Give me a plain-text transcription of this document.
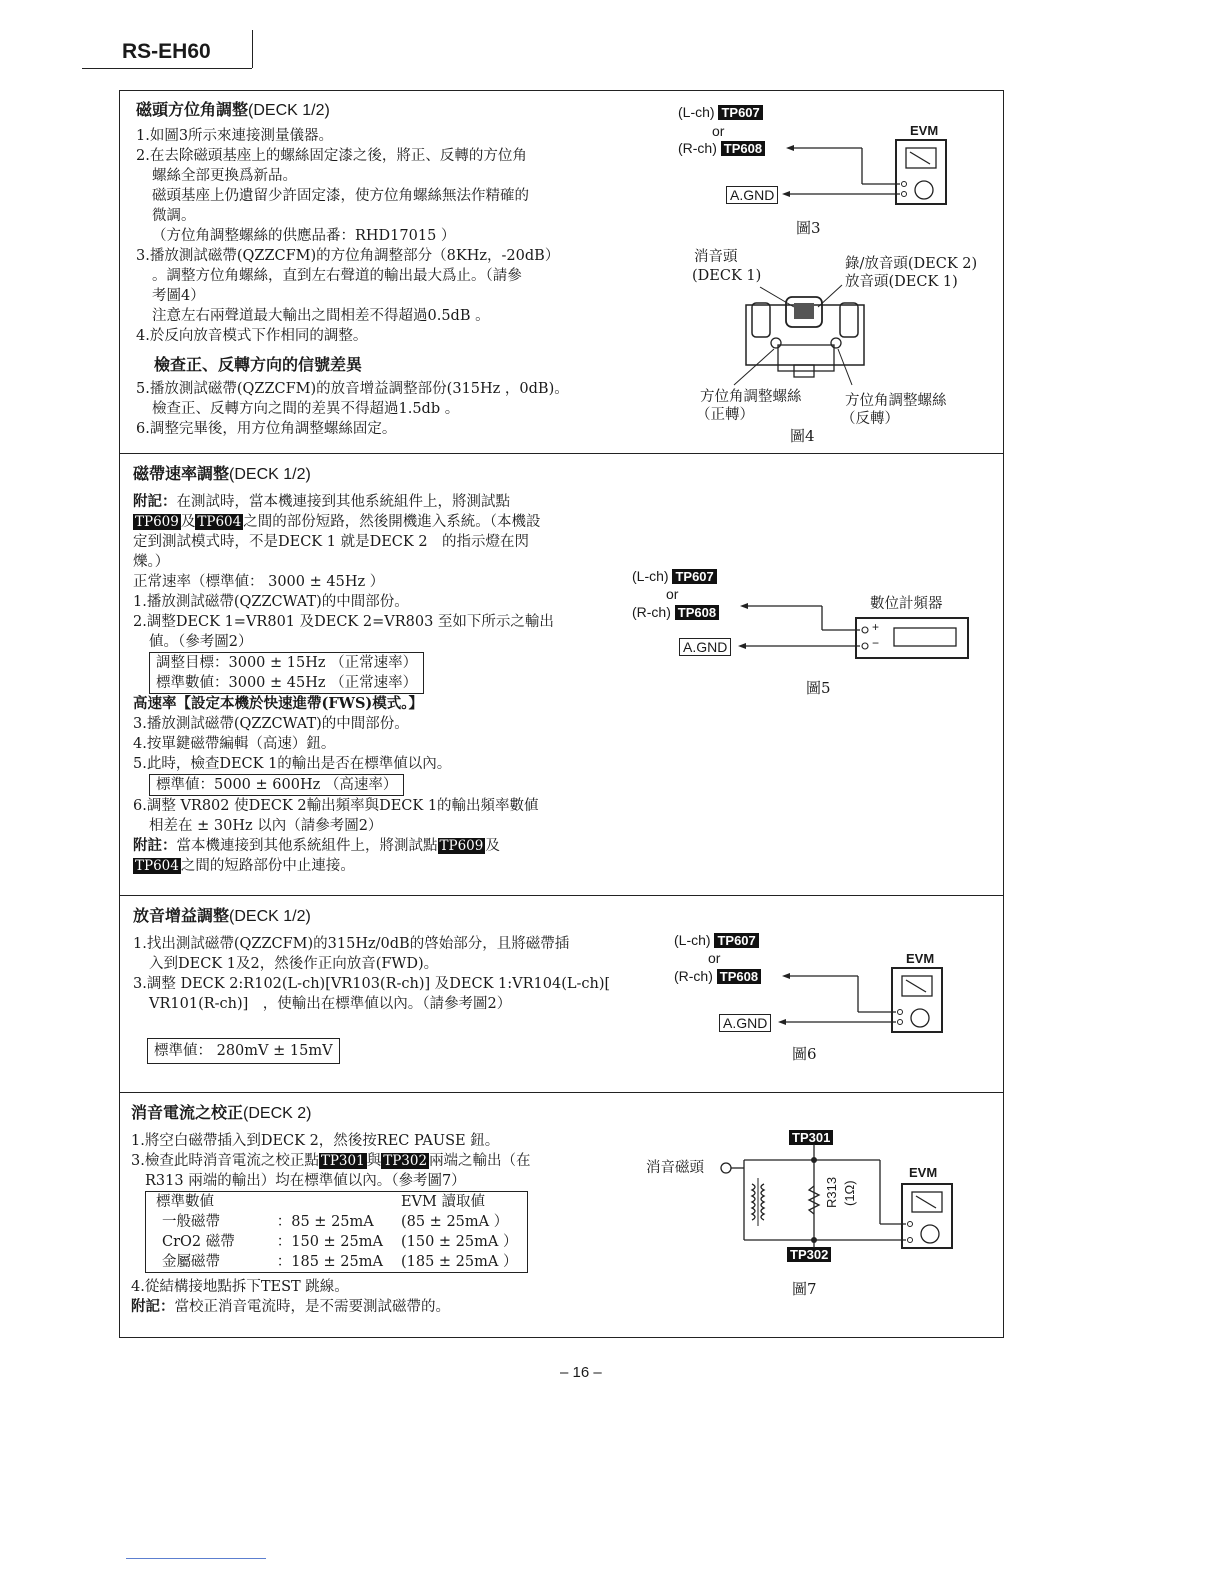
RS-EH60
磁頭方位角調整(DECK 1/2)
1.如圖3所示來連接測量儀器。
2.在去除磁頭基座上的螺絲固定漆之後，將正、反轉的方位角
螺絲全部更換爲新品。
磁頭基座上仍遺留少許固定漆，使方位角螺絲無法作精確的
微調。
（方位角調整螺絲的供應品番：RHD17015 ）
3.播放測試磁帶(QZZCFM)的方位角調整部分（8KHz，-20dB）
。調整方位角螺絲，直到左右聲道的輸出最大爲止。（請參
考圖4）
注意左右兩聲道最大輸出之間相差不得超過0.5dB 。
4.於反向放音模式下作相同的調整。
檢查正、反轉方向的信號差異
5.播放測試磁帶(QZZCFM)的放音增益調整部份(315Hz ，0dB)。
檢查正、反轉方向之間的差異不得超過1.5db 。
6.調整完畢後，用方位角調整螺絲固定。
(L-ch) TP607
or
(R-ch) TP608
EVM
A.GND
圖3
消音頭
(DECK 1)
錄/放音頭(DECK 2)
放音頭(DECK 1)
方位角調整螺絲
（正轉）
方位角調整螺絲
（反轉）
圖4
磁帶速率調整(DECK 1/2)
附記：在測試時，當本機連接到其他系統組件上，將測試點
TP609 及 TP604 之間的部份短路，然後開機進入系統。（本機設
定到測試模式時，不是DECK 1 就是DECK 2　的指示燈在閃
爍。）
正常速率（標準値： 3000 ± 45Hz ）
1.播放測試磁帶(QZZCWAT)的中間部份。
2.調整DECK 1=VR801 及DECK 2=VR803 至如下所示之輸出
値。（參考圖2）
調整目標：3000 ± 15Hz （正常速率）
標準數値：3000 ± 45Hz （正常速率）
高速率【設定本機於快速進帶(FWS)模式。】
3.播放測試磁帶(QZZCWAT)的中間部份。
4.按單鍵磁帶編輯（高速）鈕。
5.此時，檢查DECK 1的輸出是否在標準値以內。
標準値：5000 ± 600Hz （高速率）
6.調整 VR802 使DECK 2輸出頻率與DECK 1的輸出頻率數値
相差在 ± 30Hz 以內（請參考圖2）
附註：當本機連接到其他系統組件上，將測試點 TP609 及
TP604 之間的短路部份中止連接。
(L-ch) TP607
or
(R-ch) TP608
數位計頻器
A.GND
+
−
圖5
放音增益調整(DECK 1/2)
1.找出測試磁帶(QZZCFM)的315Hz/0dB的啓始部分，且將磁帶插
入到DECK 1及2，然後作正向放音(FWD)。
3.調整 DECK 2:R102(L-ch)[VR103(R-ch)] 及DECK 1:VR104(L-ch)[
VR101(R-ch)]　，使輸出在標準値以內。（請參考圖2）
標準値： 280mV ± 15mV
(L-ch) TP607
or
(R-ch) TP608
EVM
A.GND
圖6
消音電流之校正(DECK 2)
1.將空白磁帶插入到DECK 2，然後按REC PAUSE 鈕。
3.檢查此時消音電流之校正點 TP301 與 TP302 兩端之輸出（在
R313 兩端的輸出）均在標準値以內。（參考圖7）
標準數値		EVM 讀取値
一般磁帶	：85 ± 25mA	(85 ± 25mA ）
CrO2 磁帶	：150 ± 25mA	(150 ± 25mA ）
金屬磁帶	：185 ± 25mA	(185 ± 25mA ）
4.從結構接地點拆下TEST 跳線。
附記：當校正消音電流時，是不需要測試磁帶的。
TP301
TP302
消音磁頭	EVM
R313 (1Ω)
圖7
– 16 –
